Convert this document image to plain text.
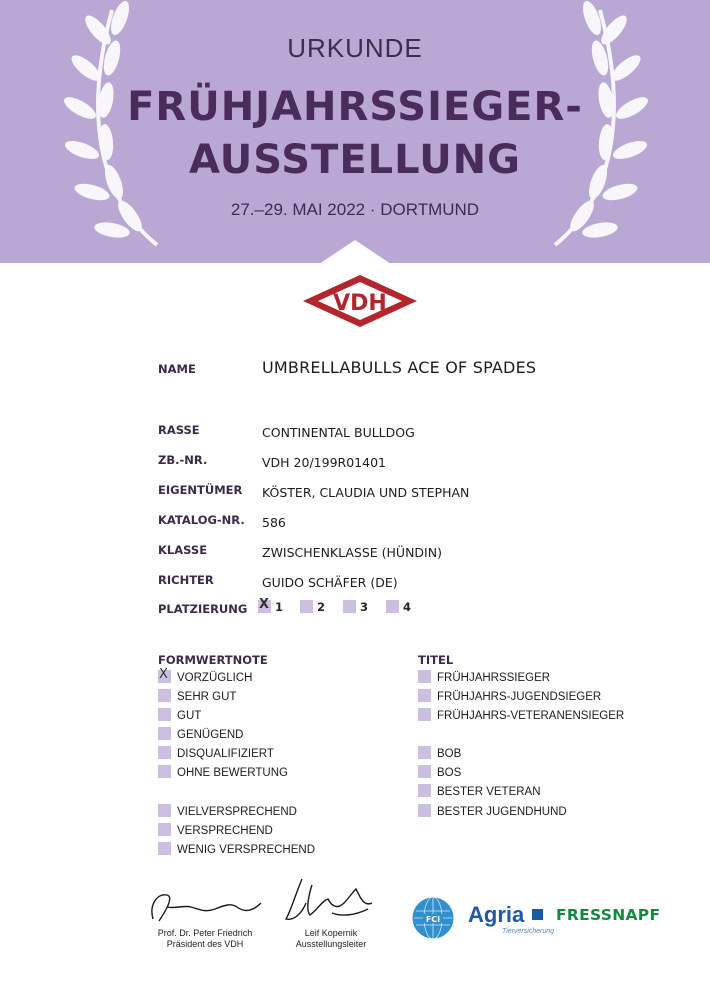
URKUNDE
FRÜHJAHRSSIEGER-
AUSSTELLUNG
27.–29. MAI 2022 · DORTMUND
VDH
NAME	UMBRELLABULLS ACE OF SPADES
RASSE	CONTINENTAL BULLDOG
ZB.-NR.	VDH 20/199R01401
EIGENTÜMER KÖSTER, CLAUDIA UND STEPHAN
KATALOG-NR. 586
KLASSE	ZWISCHENKLASSE (HÜNDIN)
RICHTER	GUIDO SCHÄFER (DE)
PLATZIERUNG
X	1	2	3	4
FORMWERTNOTE
XVORZÜGLICH
SEHR GUT
GUT
GENÜGEND
DISQUALIFIZIERT
OHNE BEWERTUNG
VIELVERSPRECHEND
VERSPRECHEND
WENIG VERSPRECHEND
TITEL
FRÜHJAHRSSIEGER
FRÜHJAHRS-JUGENDSIEGER
FRÜHJAHRS-VETERANENSIEGER
BOB
BOS
BESTER VETERAN
BESTER JUGENDHUND
Prof. Dr. Peter Friedrich
Präsident des VDH
Leif Kopernik
Ausstellungsleiter
FCI Agria
Tierversicherung
FRESSNAPF
